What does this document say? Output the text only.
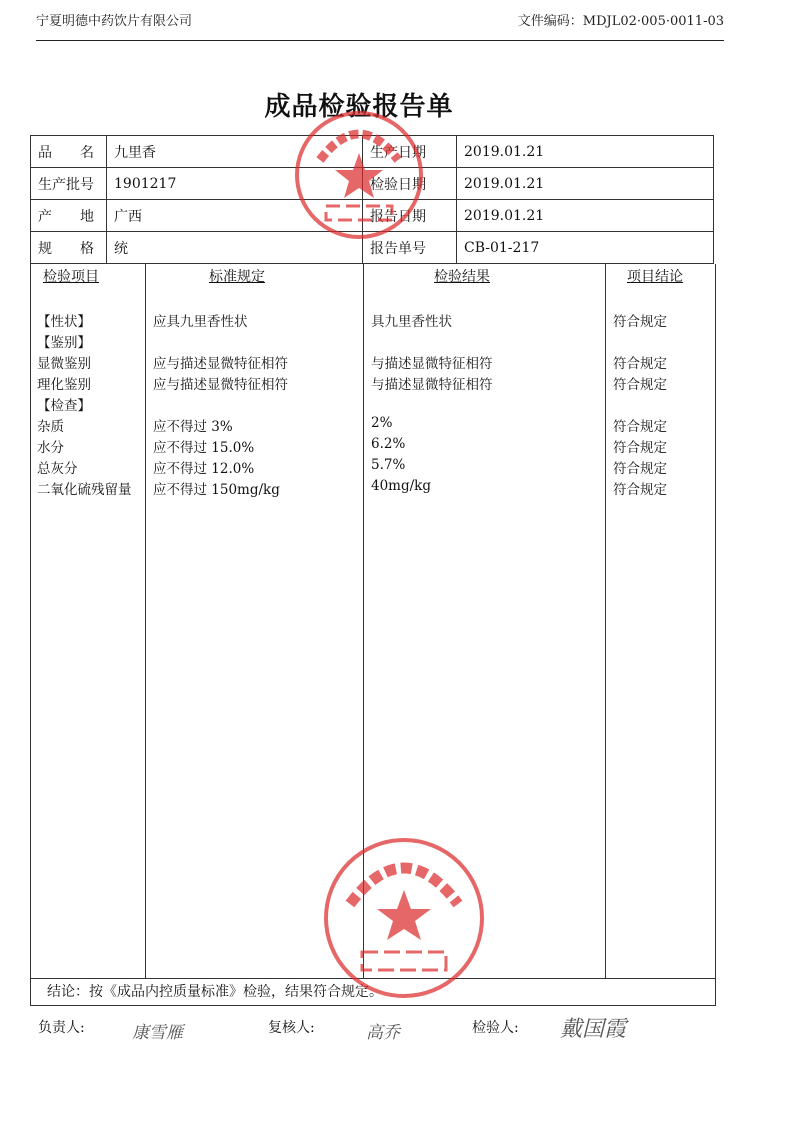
宁夏明德中药饮片有限公司	文件编码：MDJL02·005·0011-03
成品检验报告单
品　　名	九里香	生产日期	2019.01.21
生产批号	1901217	检验日期	2019.01.21
产　　地	广西	报告日期	2019.01.21
规　　格	统	报告单号	CB-01-217
检验项目	标准规定	检验结果	项目结论
【性状】	应具九里香性状	具九里香性状	符合规定
【鉴别】
显微鉴别	应与描述显微特征相符	与描述显微特征相符	符合规定
理化鉴别	应与描述显微特征相符	与描述显微特征相符	符合规定
【检查】
杂质	应不得过 3%	2%	符合规定
水分	应不得过 15.0%	6.2%	符合规定
总灰分	应不得过 12.0%	5.7%	符合规定
二氧化硫残留量 应不得过 150mg/kg	40mg/kg	符合规定
结论：按《成品内控质量标准》检验，结果符合规定。
负责人:	康雪雁	复核人:	高乔	检验人: 戴国霞
